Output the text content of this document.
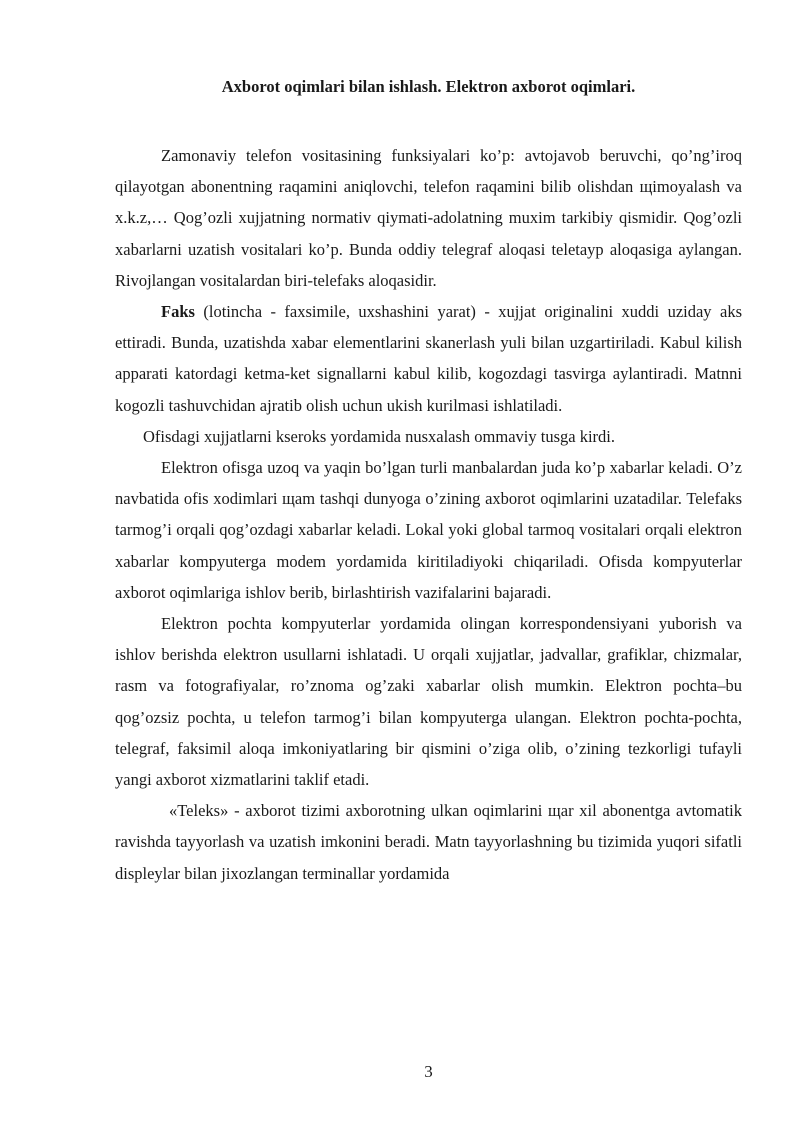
Axborot oqimlari bilan ishlash. Elektron axborot oqimlari.

Zamonaviy telefon vositasining funksiyalari ko’p: avtojavob beruvchi, qo’ng’iroq qilayotgan abonentning raqamini aniqlovchi, telefon raqamini bilib olishdan щimoyalash va x.k.z,… Qog’ozli xujjatning normativ qiymati-adolatning muxim tarkibiy qismidir. Qog’ozli xabarlarni uzatish vositalari ko’p. Bunda oddiy telegraf aloqasi teletayp aloqasiga aylangan. Rivojlangan vositalardan biri-telefaks aloqasidir.

Faks (lotincha - faxsimile, uxshashini yarat) - xujjat originalini xuddi uziday aks ettiradi. Bunda, uzatishda xabar elementlarini skanerlash yuli bilan uzgartiriladi. Kabul kilish apparati katordagi ketma-ket signallarni kabul kilib, kogozdagi tasvirga aylantiradi. Matnni kogozli tashuvchidan ajratib olish uchun ukish kurilmasi ishlatiladi.

Ofisdagi xujjatlarni kseroks yordamida nusxalash ommaviy tusga kirdi.

Elektron ofisga uzoq va yaqin bo’lgan turli manbalardan juda ko’p xabarlar keladi. O’z navbatida ofis xodimlari щam tashqi dunyoga o’zining axborot oqimlarini uzatadilar. Telefaks tarmog’i orqali qog’ozdagi xabarlar keladi. Lokal yoki global tarmoq vositalari orqali elektron xabarlar kompyuterga modem yordamida kiritiladiyoki chiqariladi. Ofisda kompyuterlar axborot oqimlariga ishlov berib, birlashtirish vazifalarini bajaradi.

Elektron pochta kompyuterlar yordamida olingan korrespondensiyani yuborish va ishlov berishda elektron usullarni ishlatadi. U orqali xujjatlar, jadvallar, grafiklar, chizmalar, rasm va fotografiyalar, ro’znoma og’zaki xabarlar olish mumkin. Elektron pochta–bu qog’ozsiz pochta, u telefon tarmog’i bilan kompyuterga ulangan. Elektron pochta-pochta, telegraf, faksimil aloqa imkoniyatlaring bir qismini o’ziga olib, o’zining tezkorligi tufayli yangi axborot xizmatlarini taklif etadi.

«Teleks» - axborot tizimi axborotning ulkan oqimlarini щar xil abonentga avtomatik ravishda tayyorlash va uzatish imkonini beradi. Matn tayyorlashning bu tizimida yuqori sifatli displeylar bilan jixozlangan terminallar yordamida

3
